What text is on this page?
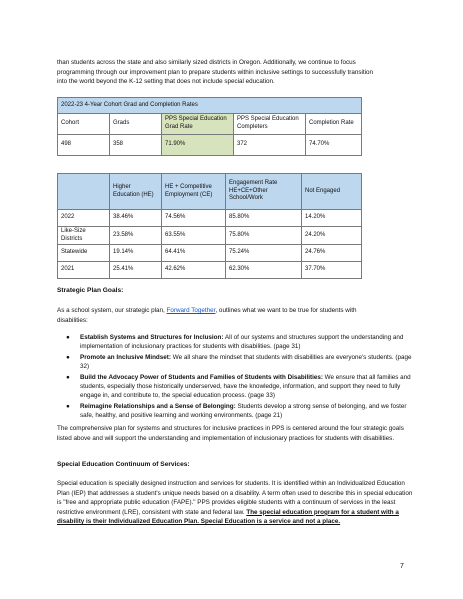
than students across the state and also similarly sized districts in Oregon. Additionally, we continue to focus
programming through our improvement plan to prepare students within inclusive settings to successfully transition
into the world beyond the K-12 setting that does not include special education.

2022-23 4-Year Cohort Grad and Completion Rates				
Cohort	Grads	PPS Special Education Grad Rate	PPS Special Education Completers	Completion Rate
498	358	71.90%	372	74.70%
	Higher Education (HE)	HE + Competitive Employment (CE)	Engagement Rate HE+CE+Other School/Work	Not Engaged
2022	38.46%	74.56%	85.80%	14.20%
Like-Size Districts	23.58%	63.55%	75.80%	24.20%
Statewide	19.14%	64.41%	75.24%	24.76%
2021	25.41%	42.62%	62.30%	37.70%

Strategic Plan Goals:

As a school system, our strategic plan, Forward Together, outlines what we want to be true for students with
disabilities:

● Establish Systems and Structures for Inclusion: All of our systems and structures support the understanding and implementation of inclusionary practices for students with disabilities. (page 31)
● Promote an Inclusive Mindset: We all share the mindset that students with disabilities are everyone's students. (page 32)
● Build the Advocacy Power of Students and Families of Students with Disabilities: We ensure that all families and students, especially those historically underserved, have the knowledge, information, and support they need to fully engage in, and contribute to, the special education process. (page 33)
● Reimagine Relationships and a Sense of Belonging: Students develop a strong sense of belonging, and we foster safe, healthy, and positive learning and working environments. (page 21)

The comprehensive plan for systems and structures for inclusive practices in PPS is centered around the four strategic goals listed above and will support the understanding and implementation of inclusionary practices for students with disabilities.

Special Education Continuum of Services:

Special education is specially designed instruction and services for students. It is identified within an Individualized Education Plan (IEP) that addresses a student's unique needs based on a disability. A term often used to describe this in special education is "free and appropriate public education (FAPE)." PPS provides eligible students with a continuum of services in the least restrictive environment (LRE), consistent with state and federal law. The special education program for a student with a disability is their Individualized Education Plan. Special Education is a service and not a place.

7
